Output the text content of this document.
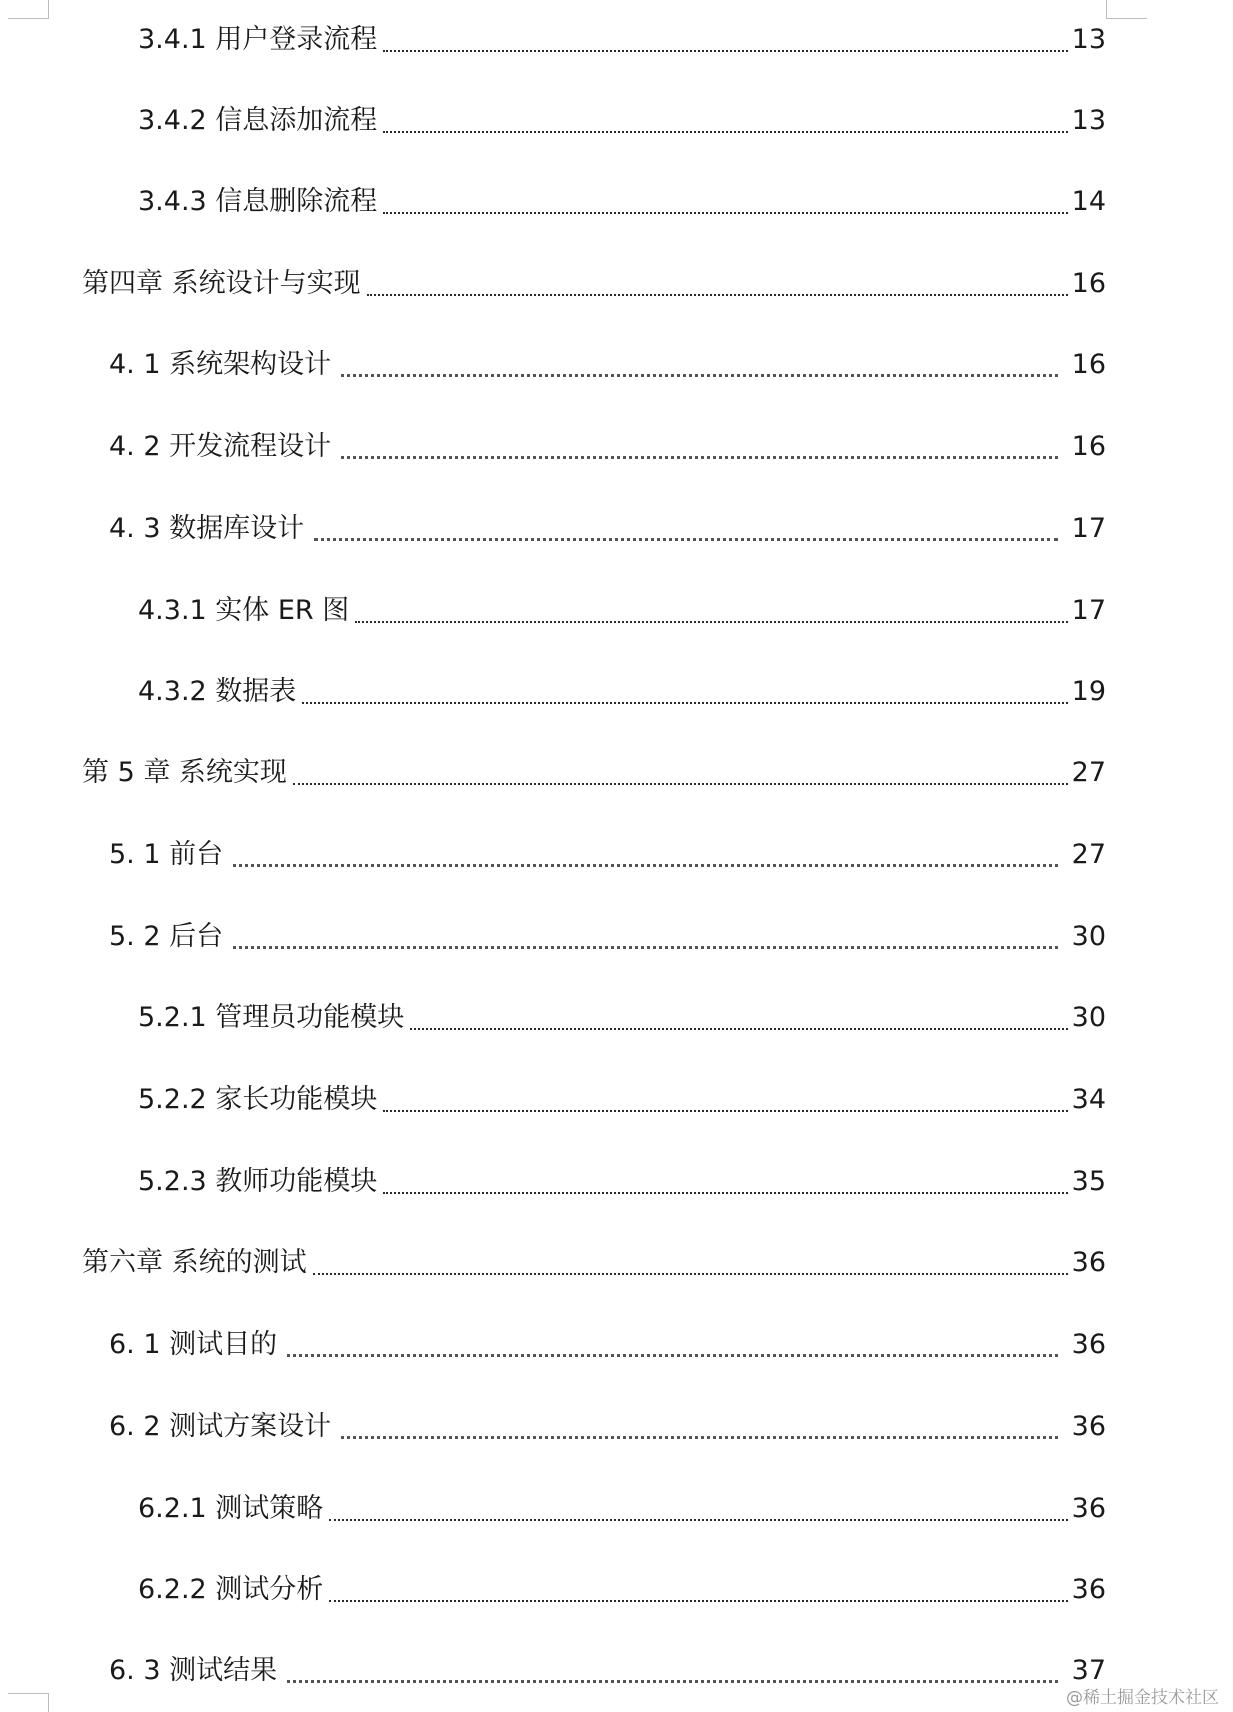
3.4.1 用户登录流程	13
3.4.2 信息添加流程	13
3.4.3 信息删除流程	14
第四章 系统设计与实现	16
4. 1 系统架构设计	16
4. 2 开发流程设计	16
4. 3 数据库设计	17
4.3.1 实体 ER 图	17
4.3.2 数据表	19
第 5 章 系统实现	27
5. 1 前台	27
5. 2 后台	30
5.2.1 管理员功能模块	30
5.2.2 家长功能模块	34
5.2.3 教师功能模块	35
第六章 系统的测试	36
6. 1 测试目的	36
6. 2 测试方案设计	36
6.2.1 测试策略	36
6.2.2 测试分析	36
6. 3 测试结果	37
@稀土掘金技术社区
